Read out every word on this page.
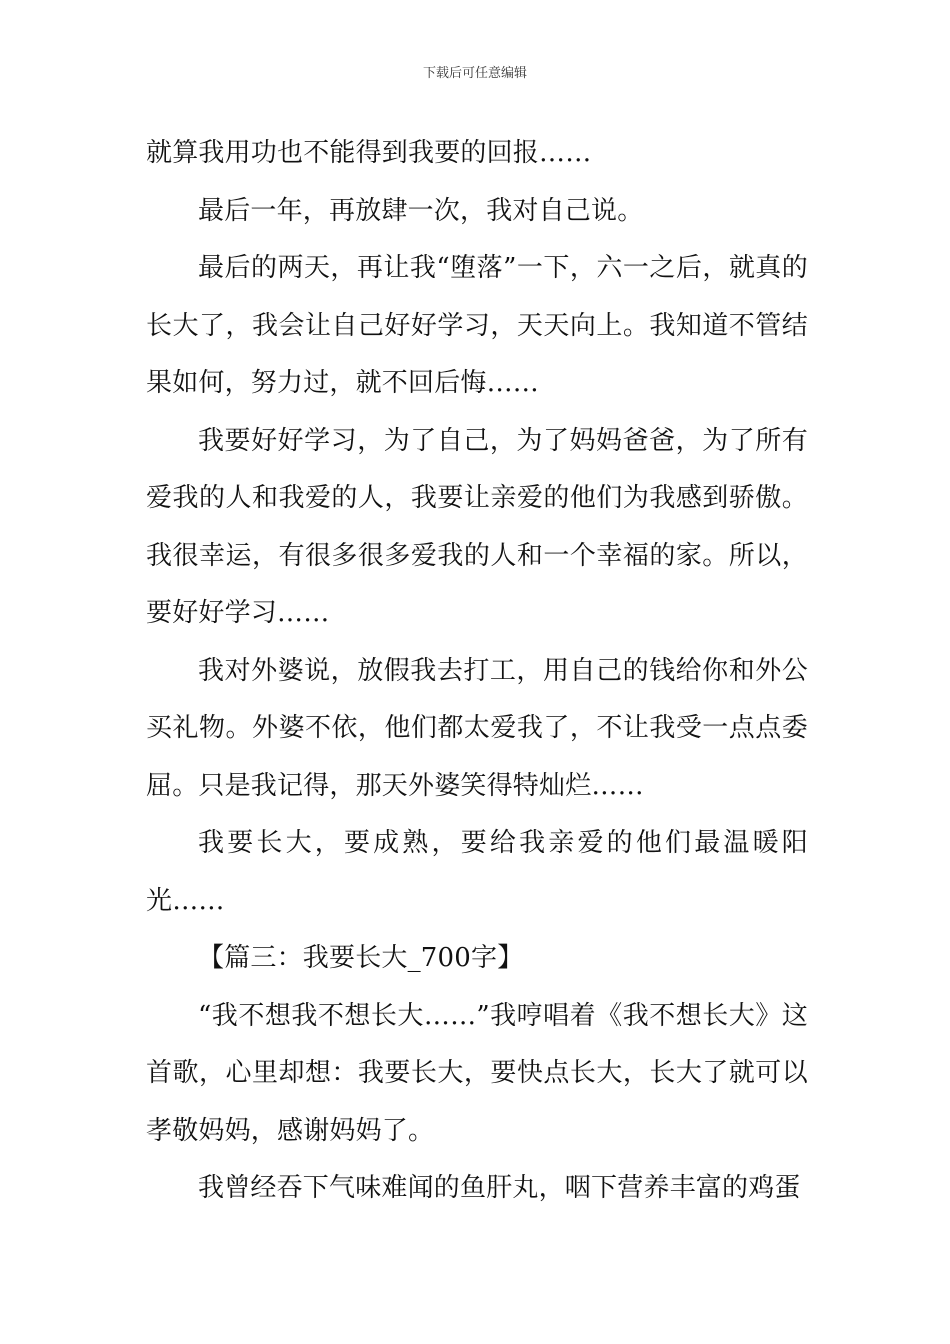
下载后可任意编辑

就算我用功也不能得到我要的回报……

最后一年，再放肆一次，我对自己说。

最后的两天，再让我“堕落”一下，六一之后，就真的长大了，我会让自己好好学习，天天向上。我知道不管结果如何，努力过，就不回后悔……

我要好好学习，为了自己，为了妈妈爸爸，为了所有爱我的人和我爱的人，我要让亲爱的他们为我感到骄傲。我很幸运，有很多很多爱我的人和一个幸福的家。所以，要好好学习……

我对外婆说，放假我去打工，用自己的钱给你和外公买礼物。外婆不依，他们都太爱我了，不让我受一点点委屈。只是我记得，那天外婆笑得特灿烂……

我要长大，要成熟，要给我亲爱的他们最温暖阳光……

【篇三：我要长大_700字】

“我不想我不想长大……”我哼唱着《我不想长大》这首歌，心里却想：我要长大，要快点长大，长大了就可以孝敬妈妈，感谢妈妈了。

我曾经吞下气味难闻的鱼肝丸，咽下营养丰富的鸡蛋
